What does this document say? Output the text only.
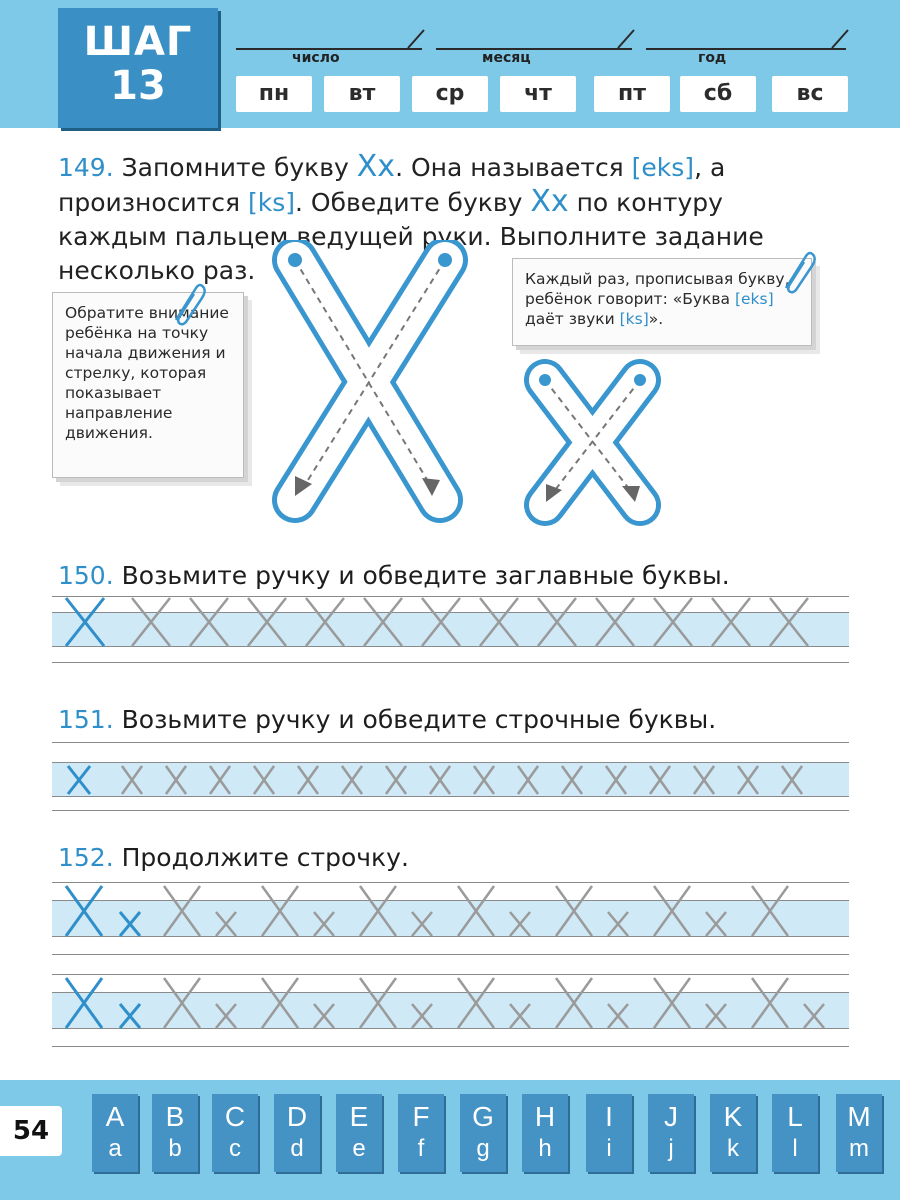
ШАГ
13
число	месяц	год
пн	вт	ср	чт	пт	сб	вс
149. Запомните букву Xx. Она называется [eks], а
произносится [ks]. Обведите букву Xx по контуру
каждым пальцем ведущей руки. Выполните задание
несколько раз.
Обратите внимание ребёнка на точку начала движения и стрелку, которая показывает направление движения.
Каждый раз, прописывая букву, ребёнок говорит: «Буква [eks] даёт звуки [ks]».
150. Возьмите ручку и обведите заглавные буквы.
151. Возьмите ручку и обведите строчные буквы.
152. Продолжите строчку.
54	A
a
B
b
C
c
D
d
E
e
F
f
G
g
H
h
I
i
J
j
K
k
L
l
M
m
